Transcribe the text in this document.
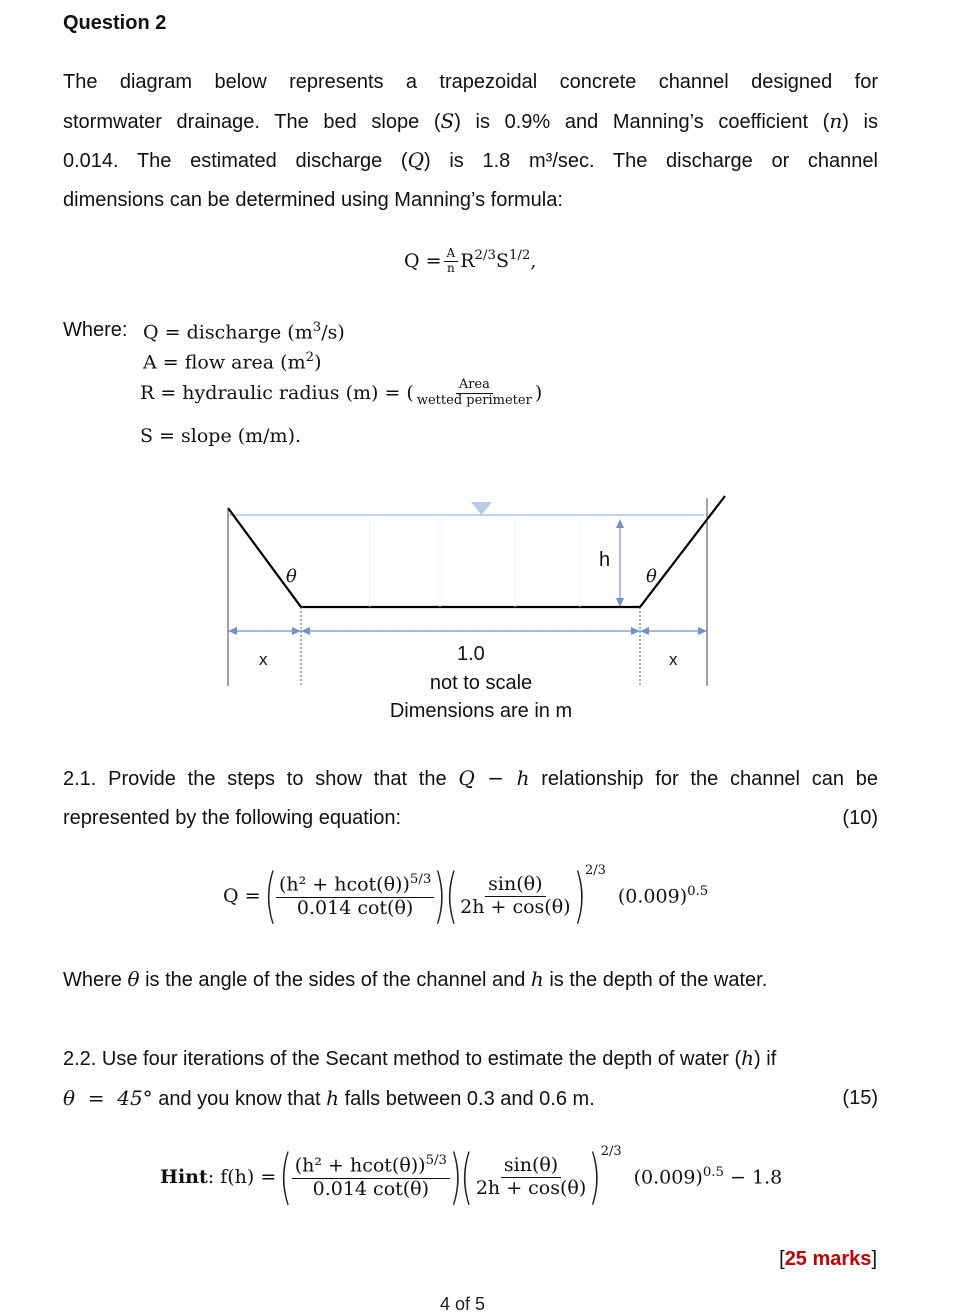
Question 2
The diagram below represents a trapezoidal concrete channel designed for
stormwater drainage. The bed slope (S) is 0.9% and Manning’s coefficient (n) is
0.014. The estimated discharge (Q) is 1.8 m³/sec. The discharge or channel
dimensions can be determined using Manning’s formula:
$Q = \frac{A}{n} R^{2/3}$ $S^{1/2}$ ,
Where: Q = discharge $(m^3/s)$
A = flow area $(m^2)$
R = hydraulic radius (m) = ( $\frac{\text{Area}}{\text{wetted perimeter}}$ )
S = slope (m/m).
θ	θ
h
x	x
1.0
not to scale
Dimensions are in m
2.1. Provide the steps to show that the Q − h relationship for the channel can be
represented by the following equation:	(10)
Q = ( $\frac{(h^2 + hcot(\theta))^{5/3}}{0.014 \cot(\theta)}$ )
( $\frac{\sin(\theta)}{2h + \cos(\theta)} )^{2/3}$
$(0.009)^{0.5}$
Where θ is the angle of the sides of the channel and h is the depth of the water.
2.2. Use four iterations of the Secant method to estimate the depth of water (h) if
θ  =  45° and you know that h falls between 0.3 and 0.6 m.	(15)
Hint : f(h) = ( $\frac{(h^2 + hcot(\theta))^{5/3}}{0.014 \cot(\theta)}$ )
( $\frac{\sin(\theta)}{2h + \cos(\theta)} )^{2/3}$
$(0.009)^{0.5} - 1.8$
[25 marks]
4 of 5
